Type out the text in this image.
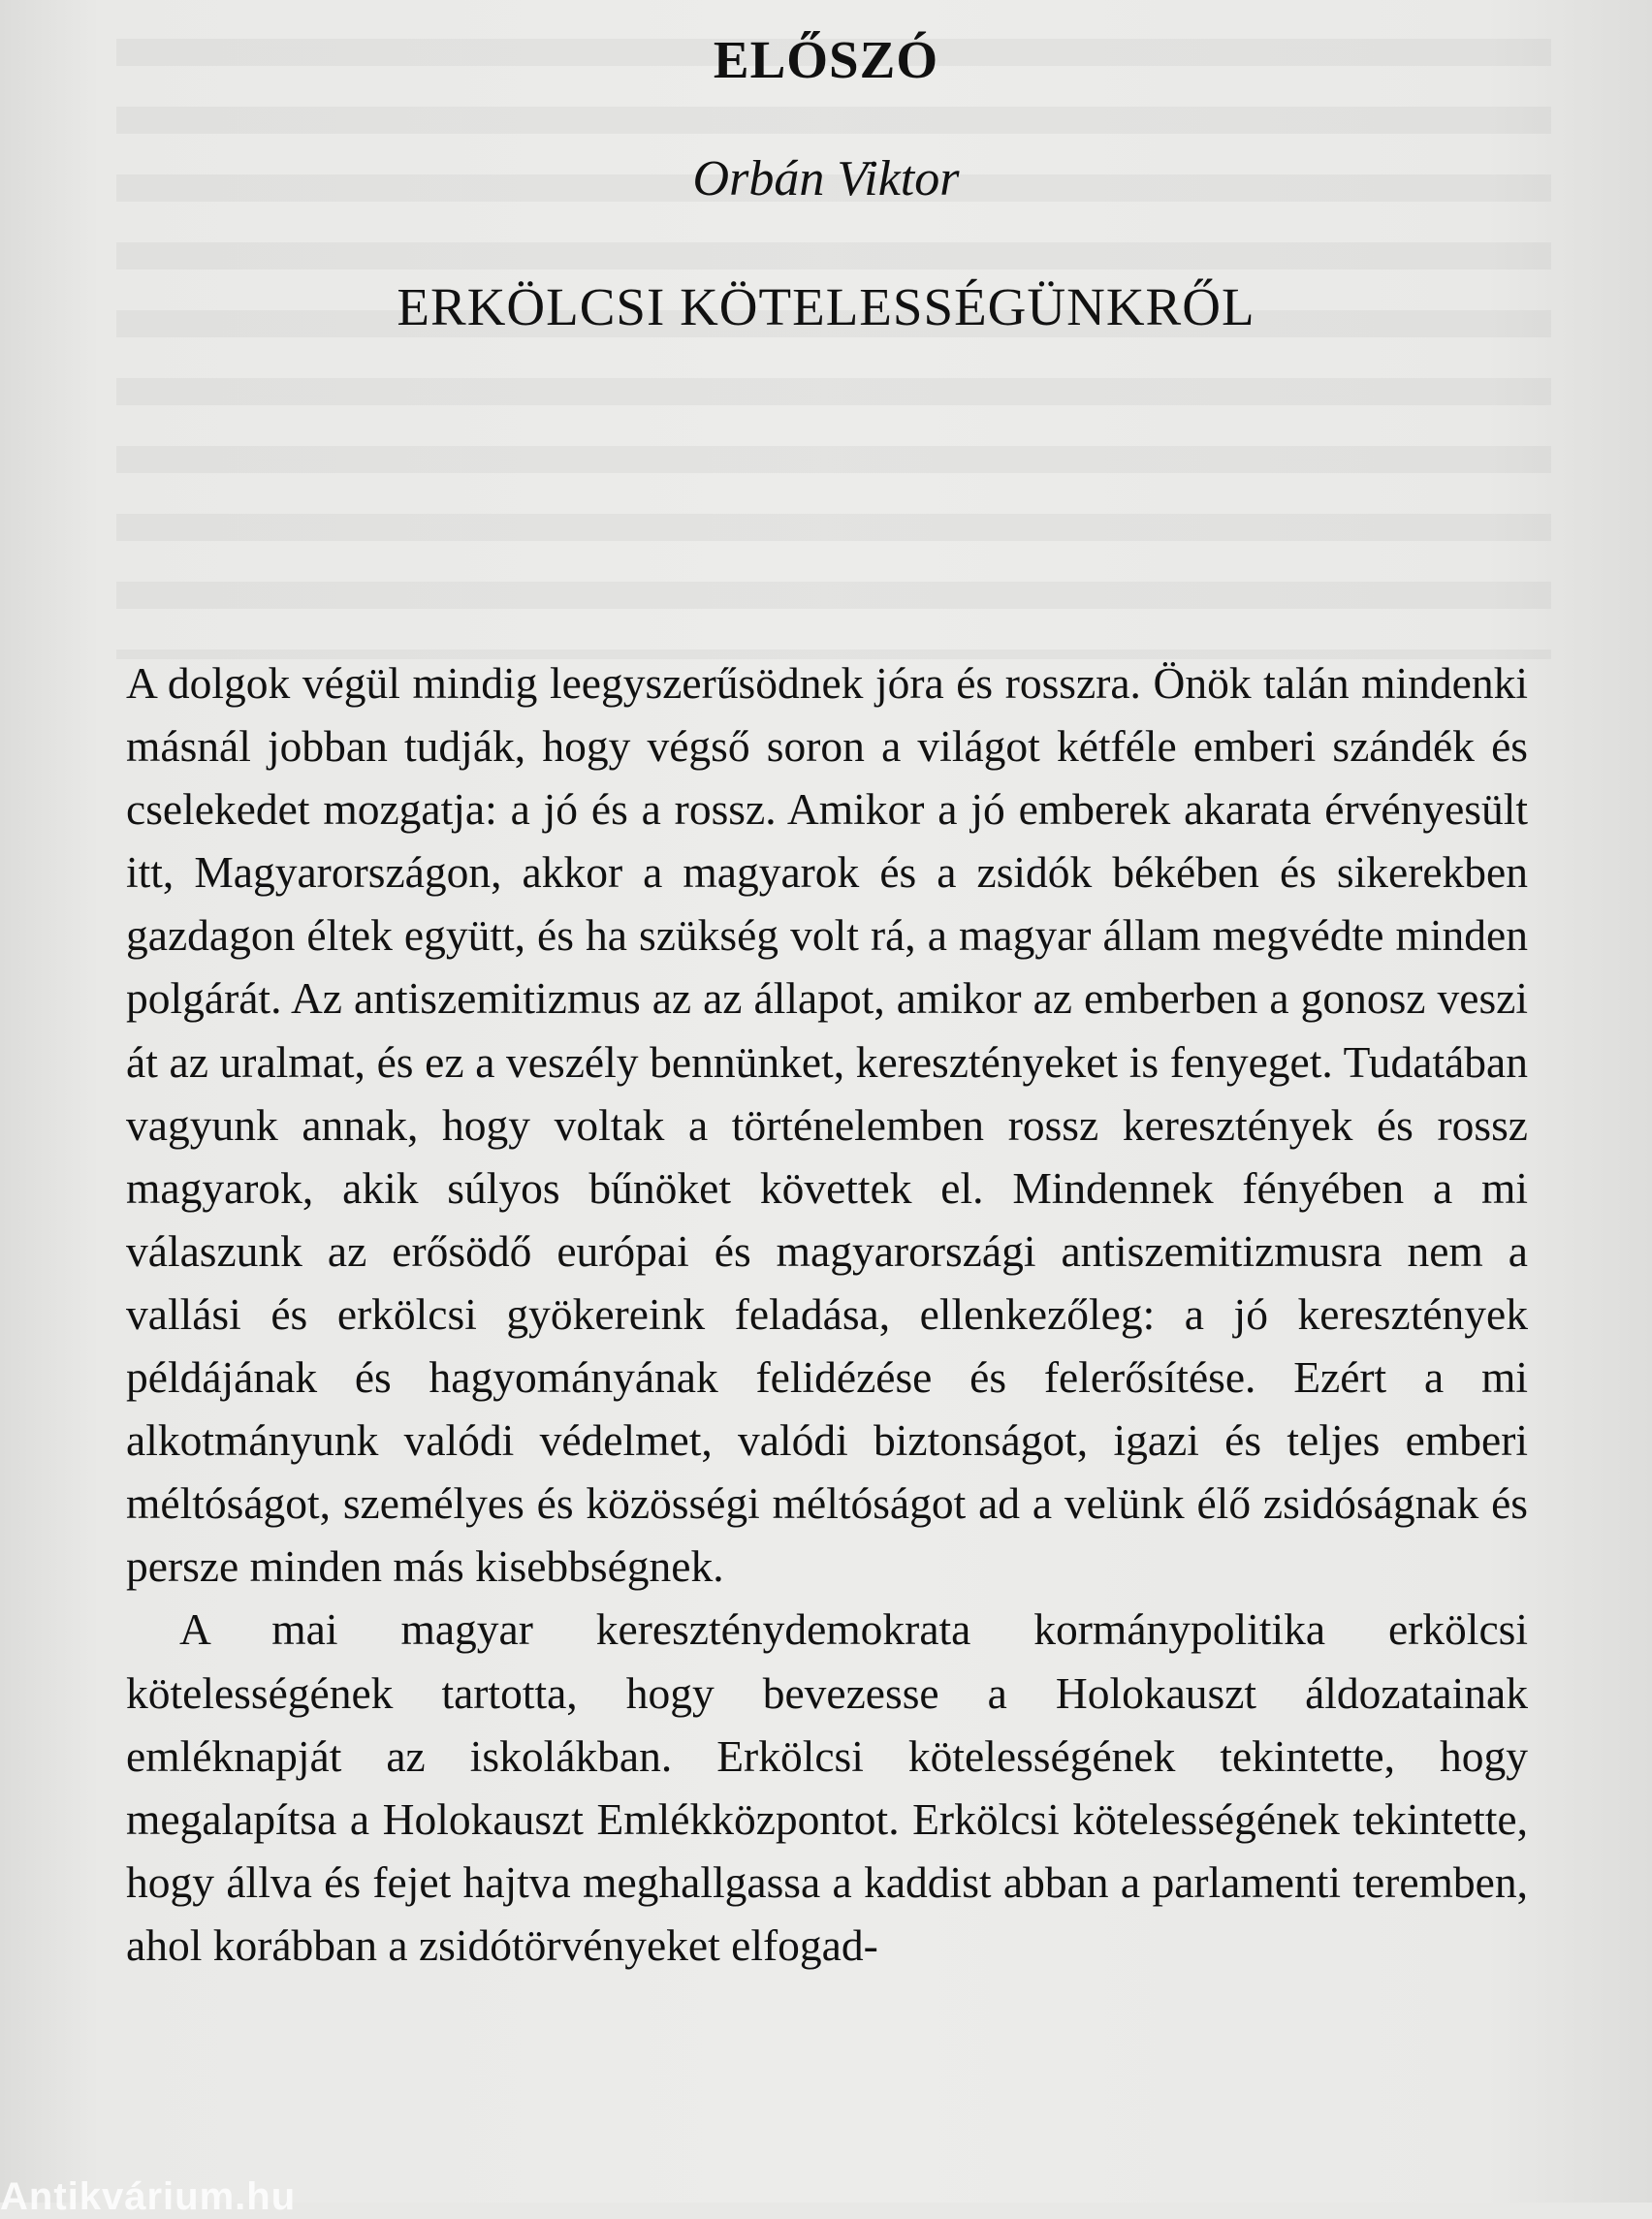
ELŐSZÓ
Orbán Viktor
ERKÖLCSI KÖTELESSÉGÜNKRŐL

A dolgok végül mindig leegyszerűsödnek jóra és rosszra. Önök talán mindenki másnál jobban tudják, hogy végső soron a világot kétféle emberi szándék és cselekedet mozgatja: a jó és a rossz. Amikor a jó emberek akarata érvényesült itt, Magyarországon, akkor a magyarok és a zsidók békében és sikerekben gazdagon éltek együtt, és ha szükség volt rá, a magyar állam megvédte minden polgárát. Az antiszemitizmus az az állapot, amikor az emberben a gonosz veszi át az uralmat, és ez a veszély bennünket, keresztényeket is fenyeget. Tudatában vagyunk annak, hogy voltak a történelemben rossz keresztények és rossz magyarok, akik súlyos bűnöket követtek el. Mindennek fényében a mi válaszunk az erősödő európai és magyarországi antiszemitizmusra nem a vallási és erkölcsi gyökereink feladása, ellenkezőleg: a jó keresztények példájának és hagyományának felidézése és felerősítése. Ezért a mi alkotmányunk valódi védelmet, valódi biztonságot, igazi és teljes emberi méltóságot, személyes és közösségi méltóságot ad a velünk élő zsidóságnak és persze minden más kisebbségnek.

A mai magyar kereszténydemokrata kormánypolitika erkölcsi kötelességének tartotta, hogy bevezesse a Holokauszt áldozatainak emléknapját az iskolákban. Erkölcsi kötelességének tekintette, hogy megalapítsa a Holokauszt Emlékközpontot. Erkölcsi kötelességének tekintette, hogy állva és fejet hajtva meghallgassa a kaddist abban a parlamenti teremben, ahol korábban a zsidótörvényeket elfogad-

Antikvárium.hu
